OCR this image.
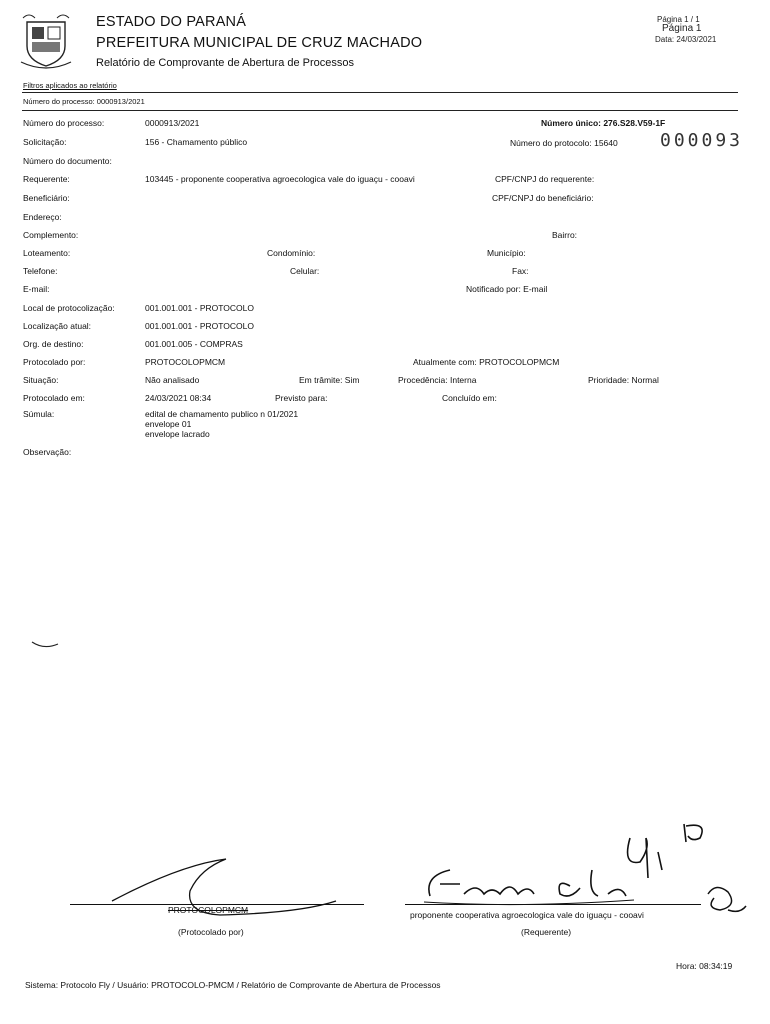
ESTADO DO PARANÁ
PREFEITURA MUNICIPAL DE CRUZ MACHADO
Relatório de Comprovante de Abertura de Processos
Página 1 / 1
Página 1
Data: 24/03/2021
Filtros aplicados ao relatório
Número do processo: 0000913/2021
Número do processo:	0000913/2021	Número único: 276.S28.V59-1F
Solicitação:	156 - Chamamento público	Número do protocolo: 15640 000093
Número do documento:
Requerente:	103445 - proponente cooperativa agroecologica vale do iguaçu - cooavi	CPF/CNPJ do requerente:
Beneficiário:	CPF/CNPJ do beneficiário:
Endereço:
Complemento:	Bairro:
Loteamento:	Condomínio:	Município:
Telefone:	Celular:	Fax:
E-mail:	Notificado por: E-mail
Local de protocolização:	001.001.001 - PROTOCOLO
Localização atual:	001.001.001 - PROTOCOLO
Org. de destino:	001.001.005 - COMPRAS
Protocolado por:	PROTOCOLOPMCM	Atualmente com: PROTOCOLOPMCM
Situação:	Não analisado	Em trâmite: Sim	Procedência: Interna	Prioridade: Normal
Protocolado em:	24/03/2021 08:34	Previsto para:	Concluído em:
Súmula:	edital de chamamento publico n 01/2021
envelope 01
envelope lacrado
Observação:
PROTOCOLOPMCM
(Protocolado por)
proponente cooperativa agroecologica vale do iguaçu - cooavi
(Requerente)
Hora: 08:34:19
Sistema: Protocolo Fly / Usuário: PROTOCOLO-PMCM / Relatório de Comprovante de Abertura de Processos
